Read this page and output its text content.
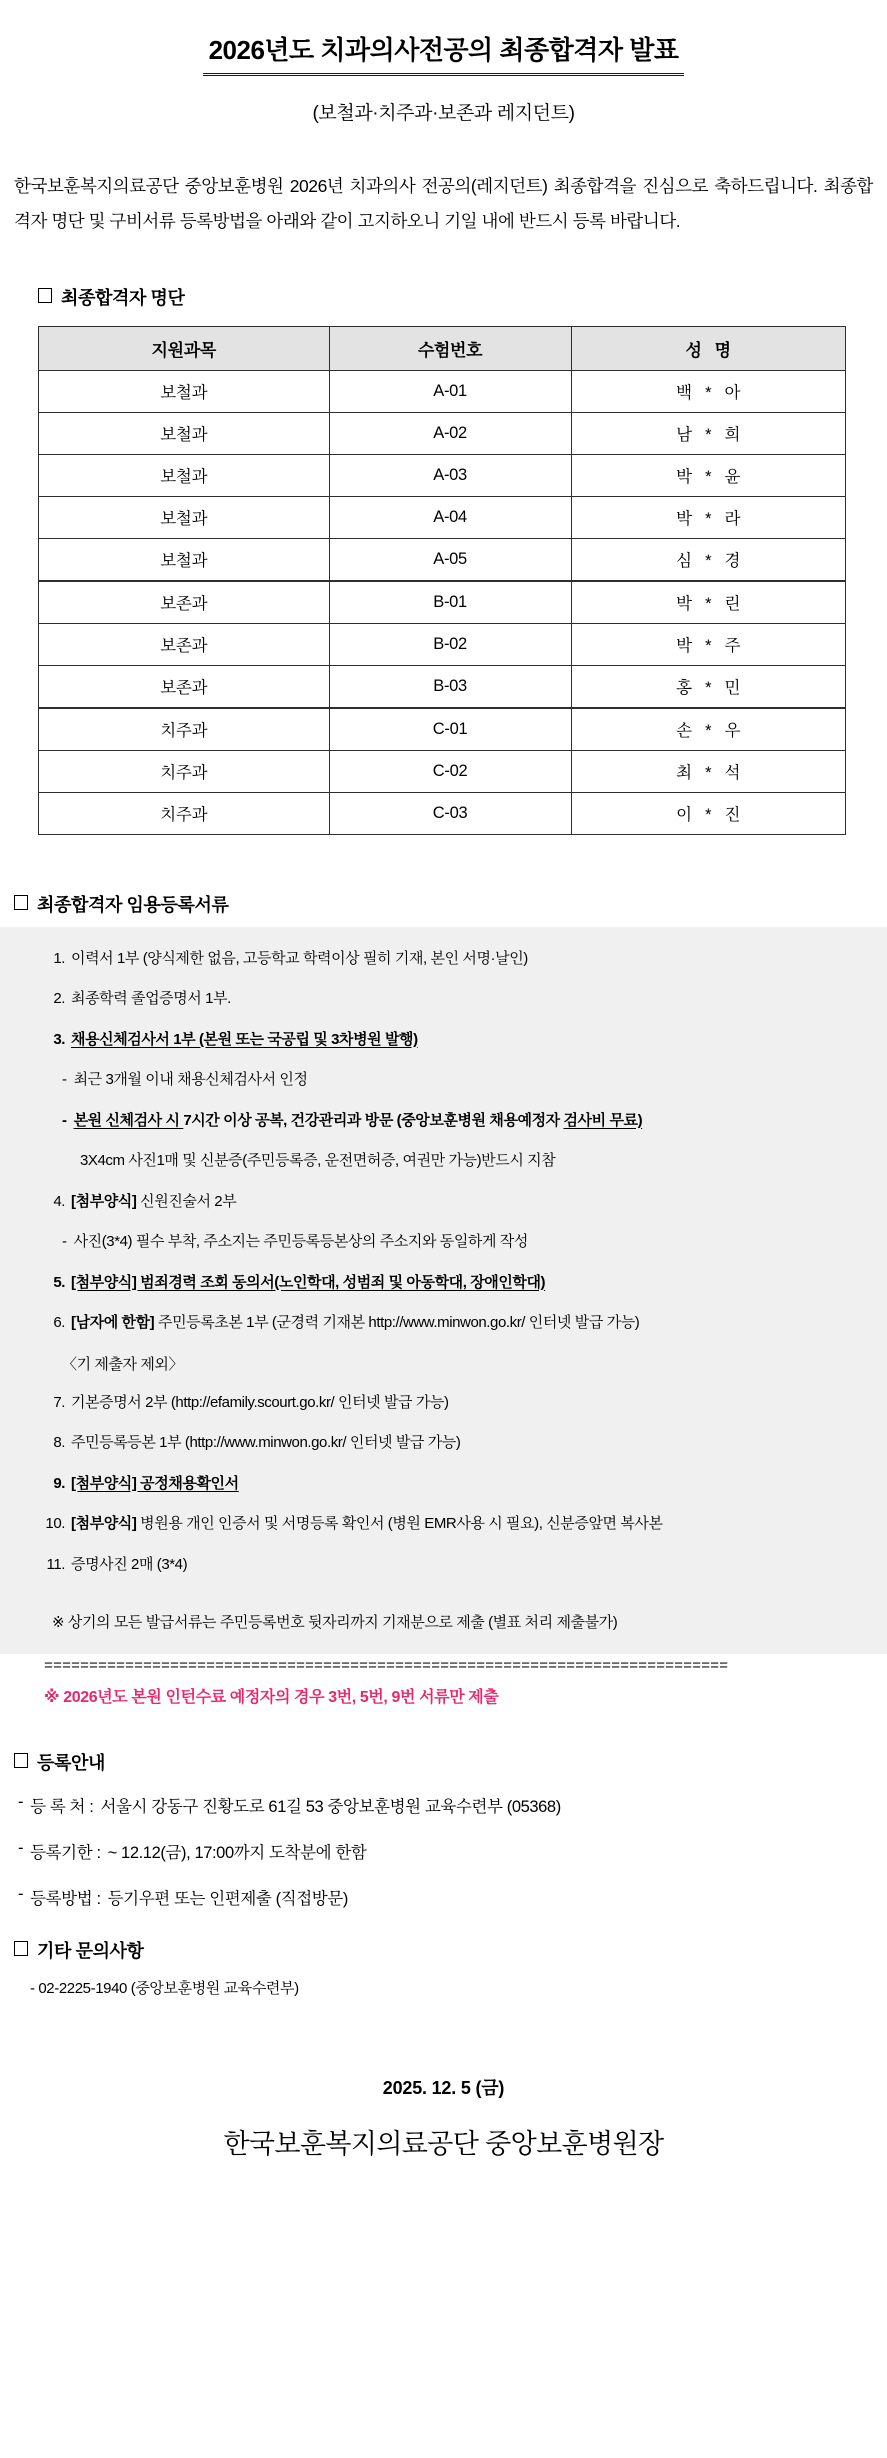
2026년도 치과의사전공의 최종합격자 발표
(보철과·치주과·보존과 레지던트)

한국보훈복지의료공단 중앙보훈병원 2026년 치과의사 전공의(레지던트) 최종합격을 진심으로 축하드립니다. 최종합격자 명단 및 구비서류 등록방법을 아래와 같이 고지하오니 기일 내에 반드시 등록 바랍니다.

최종합격자 명단
지원과목	수험번호	성 명
보철과	A-01	백 * 아
보철과	A-02	남 * 희
보철과	A-03	박 * 윤
보철과	A-04	박 * 라
보철과	A-05	심 * 경
보존과	B-01	박 * 린
보존과	B-02	박 * 주
보존과	B-03	홍 * 민
치주과	C-01	손 * 우
치주과	C-02	최 * 석
치주과	C-03	이 * 진
최종합격자 임용등록서류
1. 이력서 1부 (양식제한 없음, 고등학교 학력이상 필히 기재, 본인 서명·날인)
2. 최종학력 졸업증명서 1부.
3. 채용신체검사서 1부 (본원 또는 국공립 및 3차병원 발행)
- 최근 3개월 이내 채용신체검사서 인정
- 본원 신체검사 시 7시간 이상 공복, 건강관리과 방문 (중앙보훈병원 채용예정자 검사비 무료)
3X4cm 사진1매 및 신분증(주민등록증, 운전면허증, 여권만 가능)반드시 지참
4. [첨부양식] 신원진술서 2부
- 사진(3*4) 필수 부착, 주소지는 주민등록등본상의 주소지와 동일하게 작성
5. [첨부양식] 범죄경력 조회 동의서(노인학대, 성범죄 및 아동학대, 장애인학대)
6. [남자에 한함] 주민등록초본 1부 (군경력 기재본 http://www.minwon.go.kr/ 인터넷 발급 가능)
〈기 제출자 제외〉
7. 기본증명서 2부 (http://efamily.scourt.go.kr/ 인터넷 발급 가능)
8. 주민등록등본 1부 (http://www.minwon.go.kr/ 인터넷 발급 가능)
9. [첨부양식] 공정채용확인서
10. [첨부양식] 병원용 개인 인증서 및 서명등록 확인서 (병원 EMR사용 시 필요), 신분증앞면 복사본
11. 증명사진 2매 (3*4)
※ 상기의 모든 발급서류는 주민등록번호 뒷자리까지 기재분으로 제출 (별표 처리 제출불가)
============================================================================
※ 2026년도 본원 인턴수료 예정자의 경우 3번, 5번, 9번 서류만 제출
등록안내
- 등 록 처 : 서울시 강동구 진황도로 61길 53 중앙보훈병원 교육수련부 (05368)
- 등록기한 : ~ 12.12(금), 17:00까지 도착분에 한함
- 등록방법 : 등기우편 또는 인편제출 (직접방문)
기타 문의사항
- 02-2225-1940 (중앙보훈병원 교육수련부)
2025. 12. 5 (금)
한국보훈복지의료공단 중앙보훈병원장
